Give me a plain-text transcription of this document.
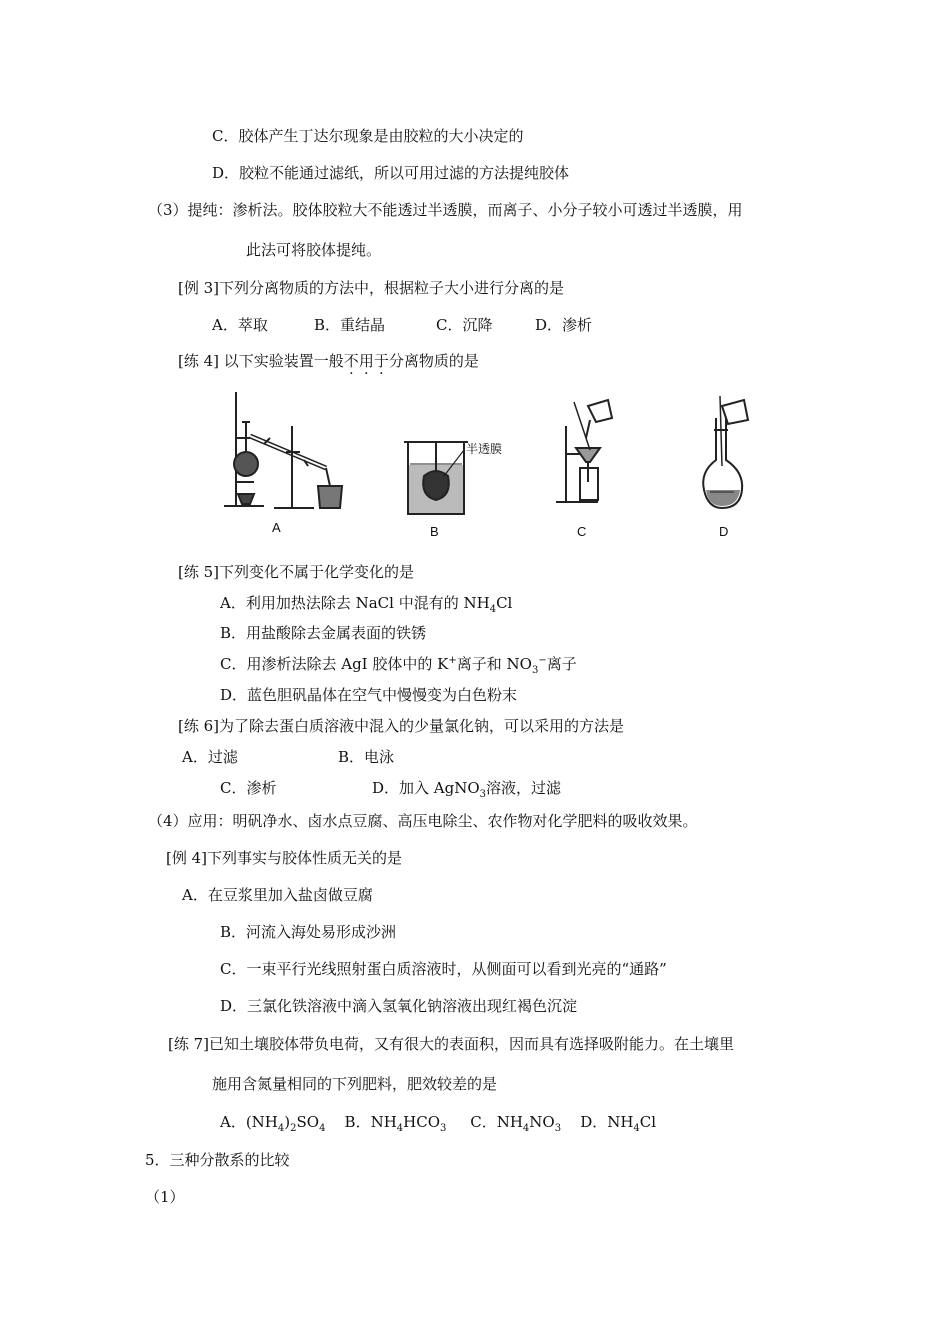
C．胶体产生丁达尔现象是由胶粒的大小决定的
D．胶粒不能通过滤纸，所以可用过滤的方法提纯胶体
（3）提纯：渗析法。胶体胶粒大不能透过半透膜，而离子、小分子较小可透过半透膜，用
此法可将胶体提纯。
[例 3]下列分离物质的方法中，根据粒子大小进行分离的是
A．萃取	B．重结晶	C．沉降	D．渗析
[练 4] 以下实验装置一般不用于分离物质的是
A
半透膜
B	C	D
[练 5]下列变化不属于化学变化的是
A．利用加热法除去 NaCl 中混有的 $NH_4Cl$
B．用盐酸除去金属表面的铁锈
C．用渗析法除去 AgI 胶体中的 K+离子和 $NO_3^-$离子
D．蓝色胆矾晶体在空气中慢慢变为白色粉末
[练 6]为了除去蛋白质溶液中混入的少量氯化钠，可以采用的方法是
A．过滤	B．电泳
C．渗析	D．加入 AgNO$_3$溶液，过滤
（4）应用：明矾净水、卤水点豆腐、高压电除尘、农作物对化学肥料的吸收效果。
[例 4]下列事实与胶体性质无关的是
A．在豆浆里加入盐卤做豆腐
B．河流入海处易形成沙洲
C．一束平行光线照射蛋白质溶液时，从侧面可以看到光亮的“通路”
D．三氯化铁溶液中滴入氢氧化钠溶液出现红褐色沉淀
[练 7]已知土壤胶体带负电荷，又有很大的表面积，因而具有选择吸附能力。在土壤里
施用含氮量相同的下列肥料，肥效较差的是
A．$(NH_4)_2SO_4$ B．$NH_4HCO_3$ C．$NH_4NO_3$ D．$NH_4Cl$
5．三种分散系的比较
（1）
